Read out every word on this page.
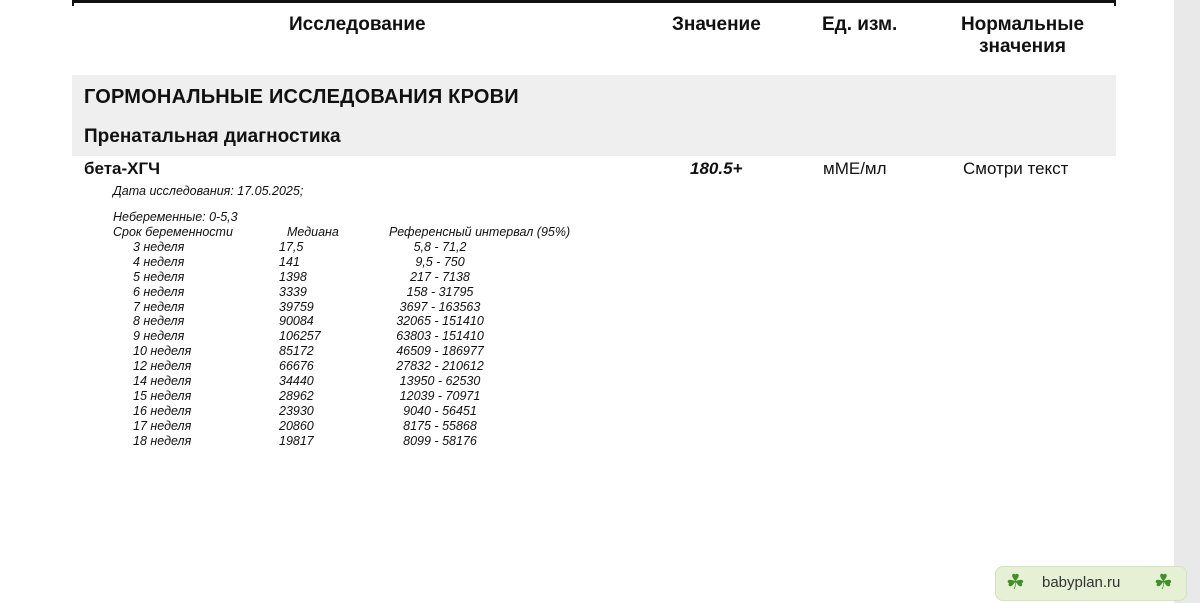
Исследование	Значение	Ед. изм.	Нормальные
значения
ГОРМОНАЛЬНЫЕ ИССЛЕДОВАНИЯ КРОВИ
Пренатальная диагностика
бета-ХГЧ	180.5+	мМЕ/мл	Смотри текст
Дата исследования: 17.05.2025;
Небеременные: 0-5,3
Срок беременности	Медиана	Референсный интервал (95%)
3 неделя	17,5	5,8 - 71,2
4 неделя	141	9,5 - 750
5 неделя	1398	217 - 7138
6 неделя	3339	158 - 31795
7 неделя	39759	3697 - 163563
8 неделя	90084	32065 - 151410
9 неделя	106257	63803 - 151410
10 неделя	85172	46509 - 186977
12 неделя	66676	27832 - 210612
14 неделя	34440	13950 - 62530
15 неделя	28962	12039 - 70971
16 неделя	23930	9040 - 56451
17 неделя	20860	8175 - 55868
18 неделя	19817	8099 - 58176
☘ babyplan.ru ☘
